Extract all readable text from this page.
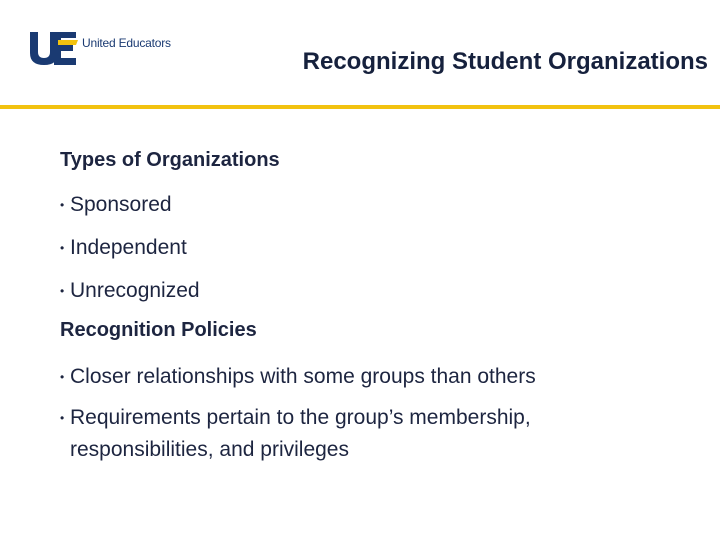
United Educators
Recognizing Student Organizations
Types of Organizations
• Sponsored
• Independent
• Unrecognized
Recognition Policies
• Closer relationships with some groups than others
• Requirements pertain to the group’s membership, responsibilities, and privileges
